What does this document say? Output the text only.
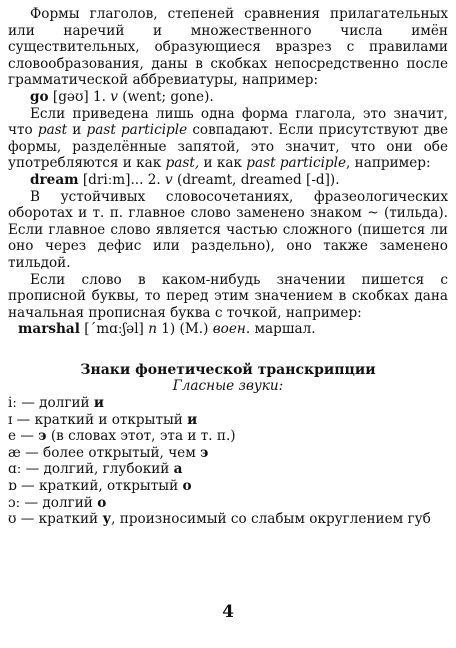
Формы глаголов, степеней сравнения прилагательных или наречий и множественного числа имён существительных, образующиеся вразрез с правилами словообразования, даны в скобках непосредственно после грамматической аббревиатуры, например:

go [gǝʊ] 1. v (went; gone).

Если приведена лишь одна форма глагола, это значит, что past и past participle совпадают. Если присутствуют две формы, разделённые запятой, это значит, что они обе употребляются и как past, и как past participle, например:

dream [driːm]... 2. v (dreamt, dreamed [-d]).

В устойчивых словосочетаниях, фразеологических оборотах и т. п. главное слово заменено знаком ~ (тильда). Если главное слово является частью сложного (пишется ли оно через дефис или раздельно), оно также заменено тильдой.

Если слово в каком-нибудь значении пишется с прописной буквы, то перед этим значением в скобках дана начальная прописная буква с точкой, например:

marshal [ˊmɑːʃǝl] n 1) (M.) воен. маршал.

Знаки фонетической транскрипции

Гласные звуки:

iː — долгий и

ɪ — краткий и открытый и

e — э (в словах этот, эта и т. п.)

æ — более открытый, чем э

ɑː — долгий, глубокий а

ɒ — краткий, открытый о

ɔː — долгий о

ʊ — краткий у, произносимый со слабым округлением губ

4
